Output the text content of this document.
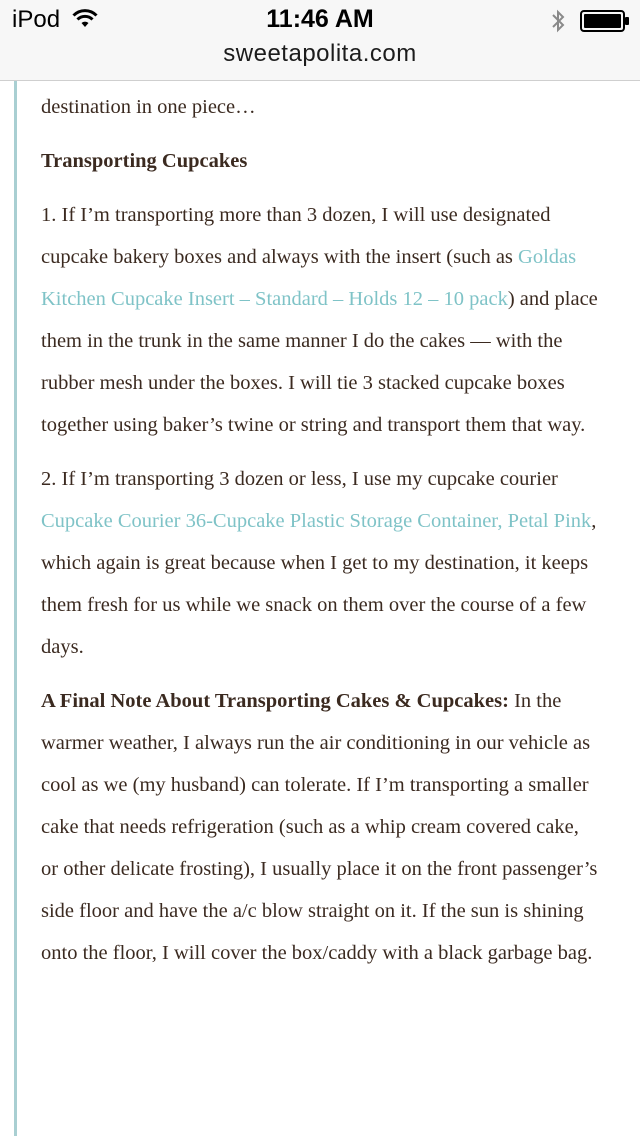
iPod	11:46 AM
sweetapolita.com

destination in one piece…

Transporting Cupcakes

1. If I’m transporting more than 3 dozen, I will use designated cupcake bakery boxes and always with the insert (such as Goldas Kitchen Cupcake Insert – Standard – Holds 12 – 10 pack) and place them in the trunk in the same manner I do the cakes — with the rubber mesh under the boxes. I will tie 3 stacked cupcake boxes together using baker’s twine or string and transport them that way.

2. If I’m transporting 3 dozen or less, I use my cupcake courier Cupcake Courier 36-Cupcake Plastic Storage Container, Petal Pink, which again is great because when I get to my destination, it keeps them fresh for us while we snack on them over the course of a few days.

A Final Note About Transporting Cakes & Cupcakes: In the warmer weather, I always run the air conditioning in our vehicle as cool as we (my husband) can tolerate. If I’m transporting a smaller cake that needs refrigeration (such as a whip cream covered cake, or other delicate frosting), I usually place it on the front passenger’s side floor and have the a/c blow straight on it. If the sun is shining onto the floor, I will cover the box/caddy with a black garbage bag.
